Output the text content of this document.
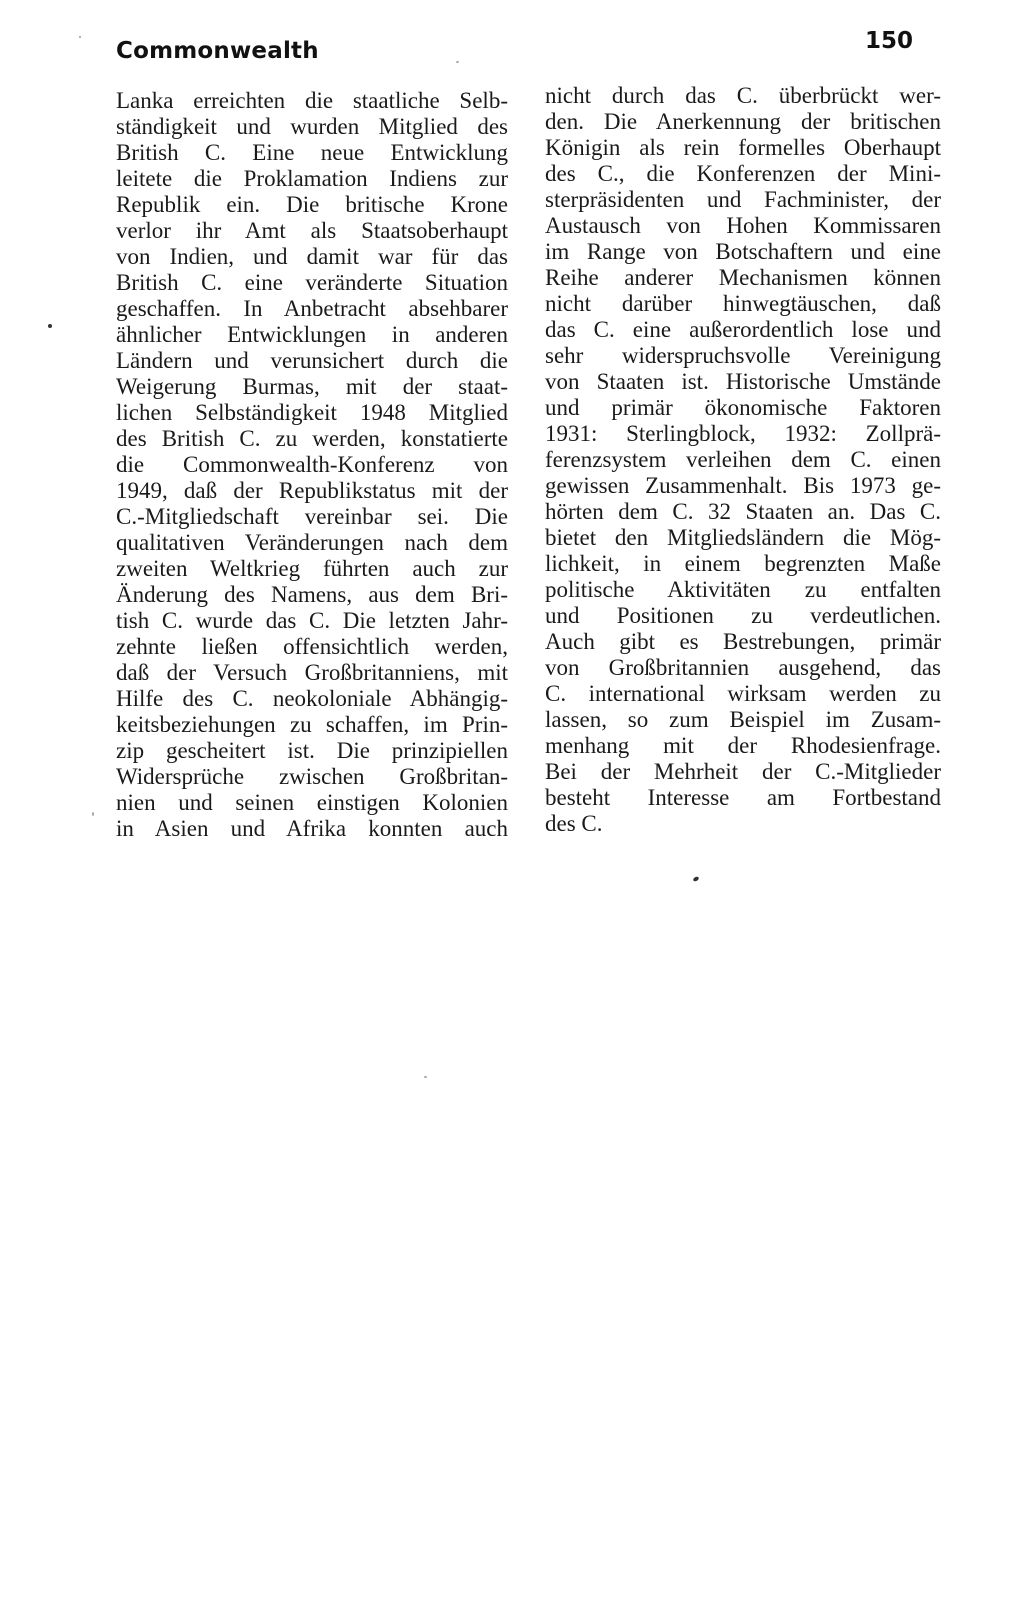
Commonwealth	150
Lanka erreichten die staatliche Selb-
ständigkeit und wurden Mitglied des
British C. Eine neue Entwicklung
leitete die Proklamation Indiens zur
Republik ein. Die britische Krone
verlor ihr Amt als Staatsoberhaupt
von Indien, und damit war für das
British C. eine veränderte Situation
geschaffen. In Anbetracht absehbarer
ähnlicher Entwicklungen in anderen
Ländern und verunsichert durch die
Weigerung Burmas, mit der staat-
lichen Selbständigkeit 1948 Mitglied
des British C. zu werden, konstatierte
die Commonwealth-Konferenz von
1949, daß der Republikstatus mit der
C.-Mitgliedschaft vereinbar sei. Die
qualitativen Veränderungen nach dem
zweiten Weltkrieg führten auch zur
Änderung des Namens, aus dem Bri-
tish C. wurde das C. Die letzten Jahr-
zehnte ließen offensichtlich werden,
daß der Versuch Großbritanniens, mit
Hilfe des C. neokoloniale Abhängig-
keitsbeziehungen zu schaffen, im Prin-
zip gescheitert ist. Die prinzipiellen
Widersprüche zwischen Großbritan-
nien und seinen einstigen Kolonien
in Asien und Afrika konnten auch
nicht durch das C. überbrückt wer-
den. Die Anerkennung der britischen
Königin als rein formelles Oberhaupt
des C., die Konferenzen der Mini-
sterpräsidenten und Fachminister, der
Austausch von Hohen Kommissaren
im Range von Botschaftern und eine
Reihe anderer Mechanismen können
nicht darüber hinwegtäuschen, daß
das C. eine außerordentlich lose und
sehr widerspruchsvolle Vereinigung
von Staaten ist. Historische Umstände
und primär ökonomische Faktoren
1931: Sterlingblock, 1932: Zollprä-
ferenzsystem verleihen dem C. einen
gewissen Zusammenhalt. Bis 1973 ge-
hörten dem C. 32 Staaten an. Das C.
bietet den Mitgliedsländern die Mög-
lichkeit, in einem begrenzten Maße
politische Aktivitäten zu entfalten
und Positionen zu verdeutlichen.
Auch gibt es Bestrebungen, primär
von Großbritannien ausgehend, das
C. international wirksam werden zu
lassen, so zum Beispiel im Zusam-
menhang mit der Rhodesienfrage.
Bei der Mehrheit der C.-Mitglieder
besteht Interesse am Fortbestand
des C.
